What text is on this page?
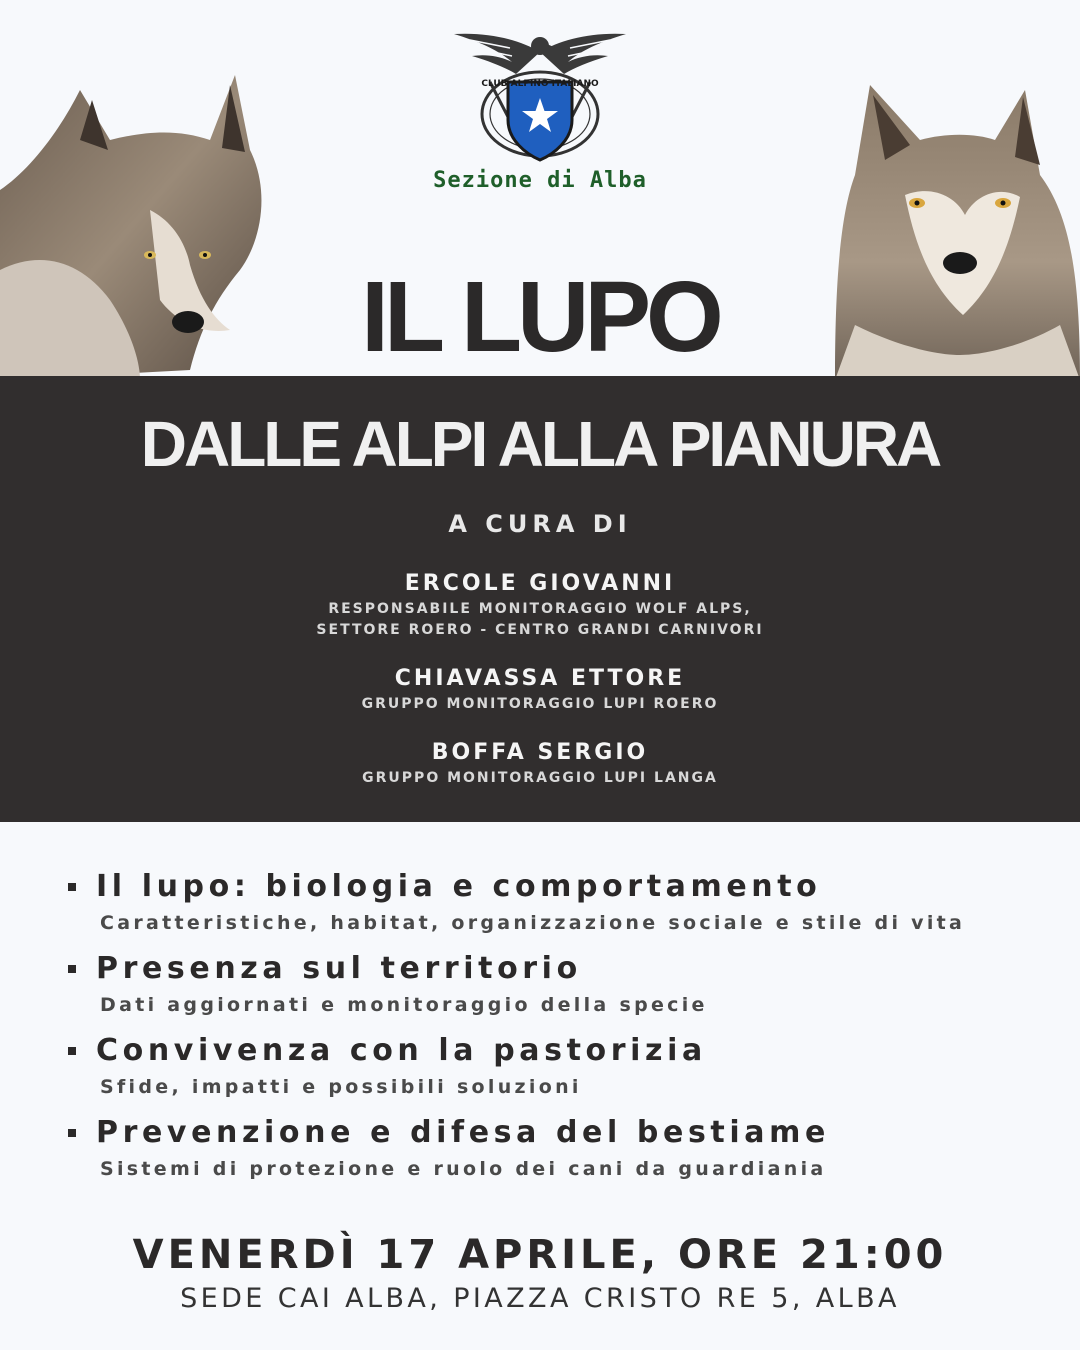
CLUB ALPINO ITALIANO
Sezione di Alba
IL LUPO
DALLE ALPI ALLA PIANURA
A CURA DI
ERCOLE GIOVANNI
RESPONSABILE MONITORAGGIO WOLF ALPS,
SETTORE ROERO - CENTRO GRANDI CARNIVORI
CHIAVASSA ETTORE
GRUPPO MONITORAGGIO LUPI ROERO
BOFFA SERGIO
GRUPPO MONITORAGGIO LUPI LANGA
Il lupo: biologia e comportamento
Caratteristiche, habitat, organizzazione sociale e stile di vita
Presenza sul territorio
Dati aggiornati e monitoraggio della specie
Convivenza con la pastorizia
Sfide, impatti e possibili soluzioni
Prevenzione e difesa del bestiame
Sistemi di protezione e ruolo dei cani da guardiania
VENERDÌ 17 APRILE, ORE 21:00
SEDE CAI ALBA, PIAZZA CRISTO RE 5, ALBA
